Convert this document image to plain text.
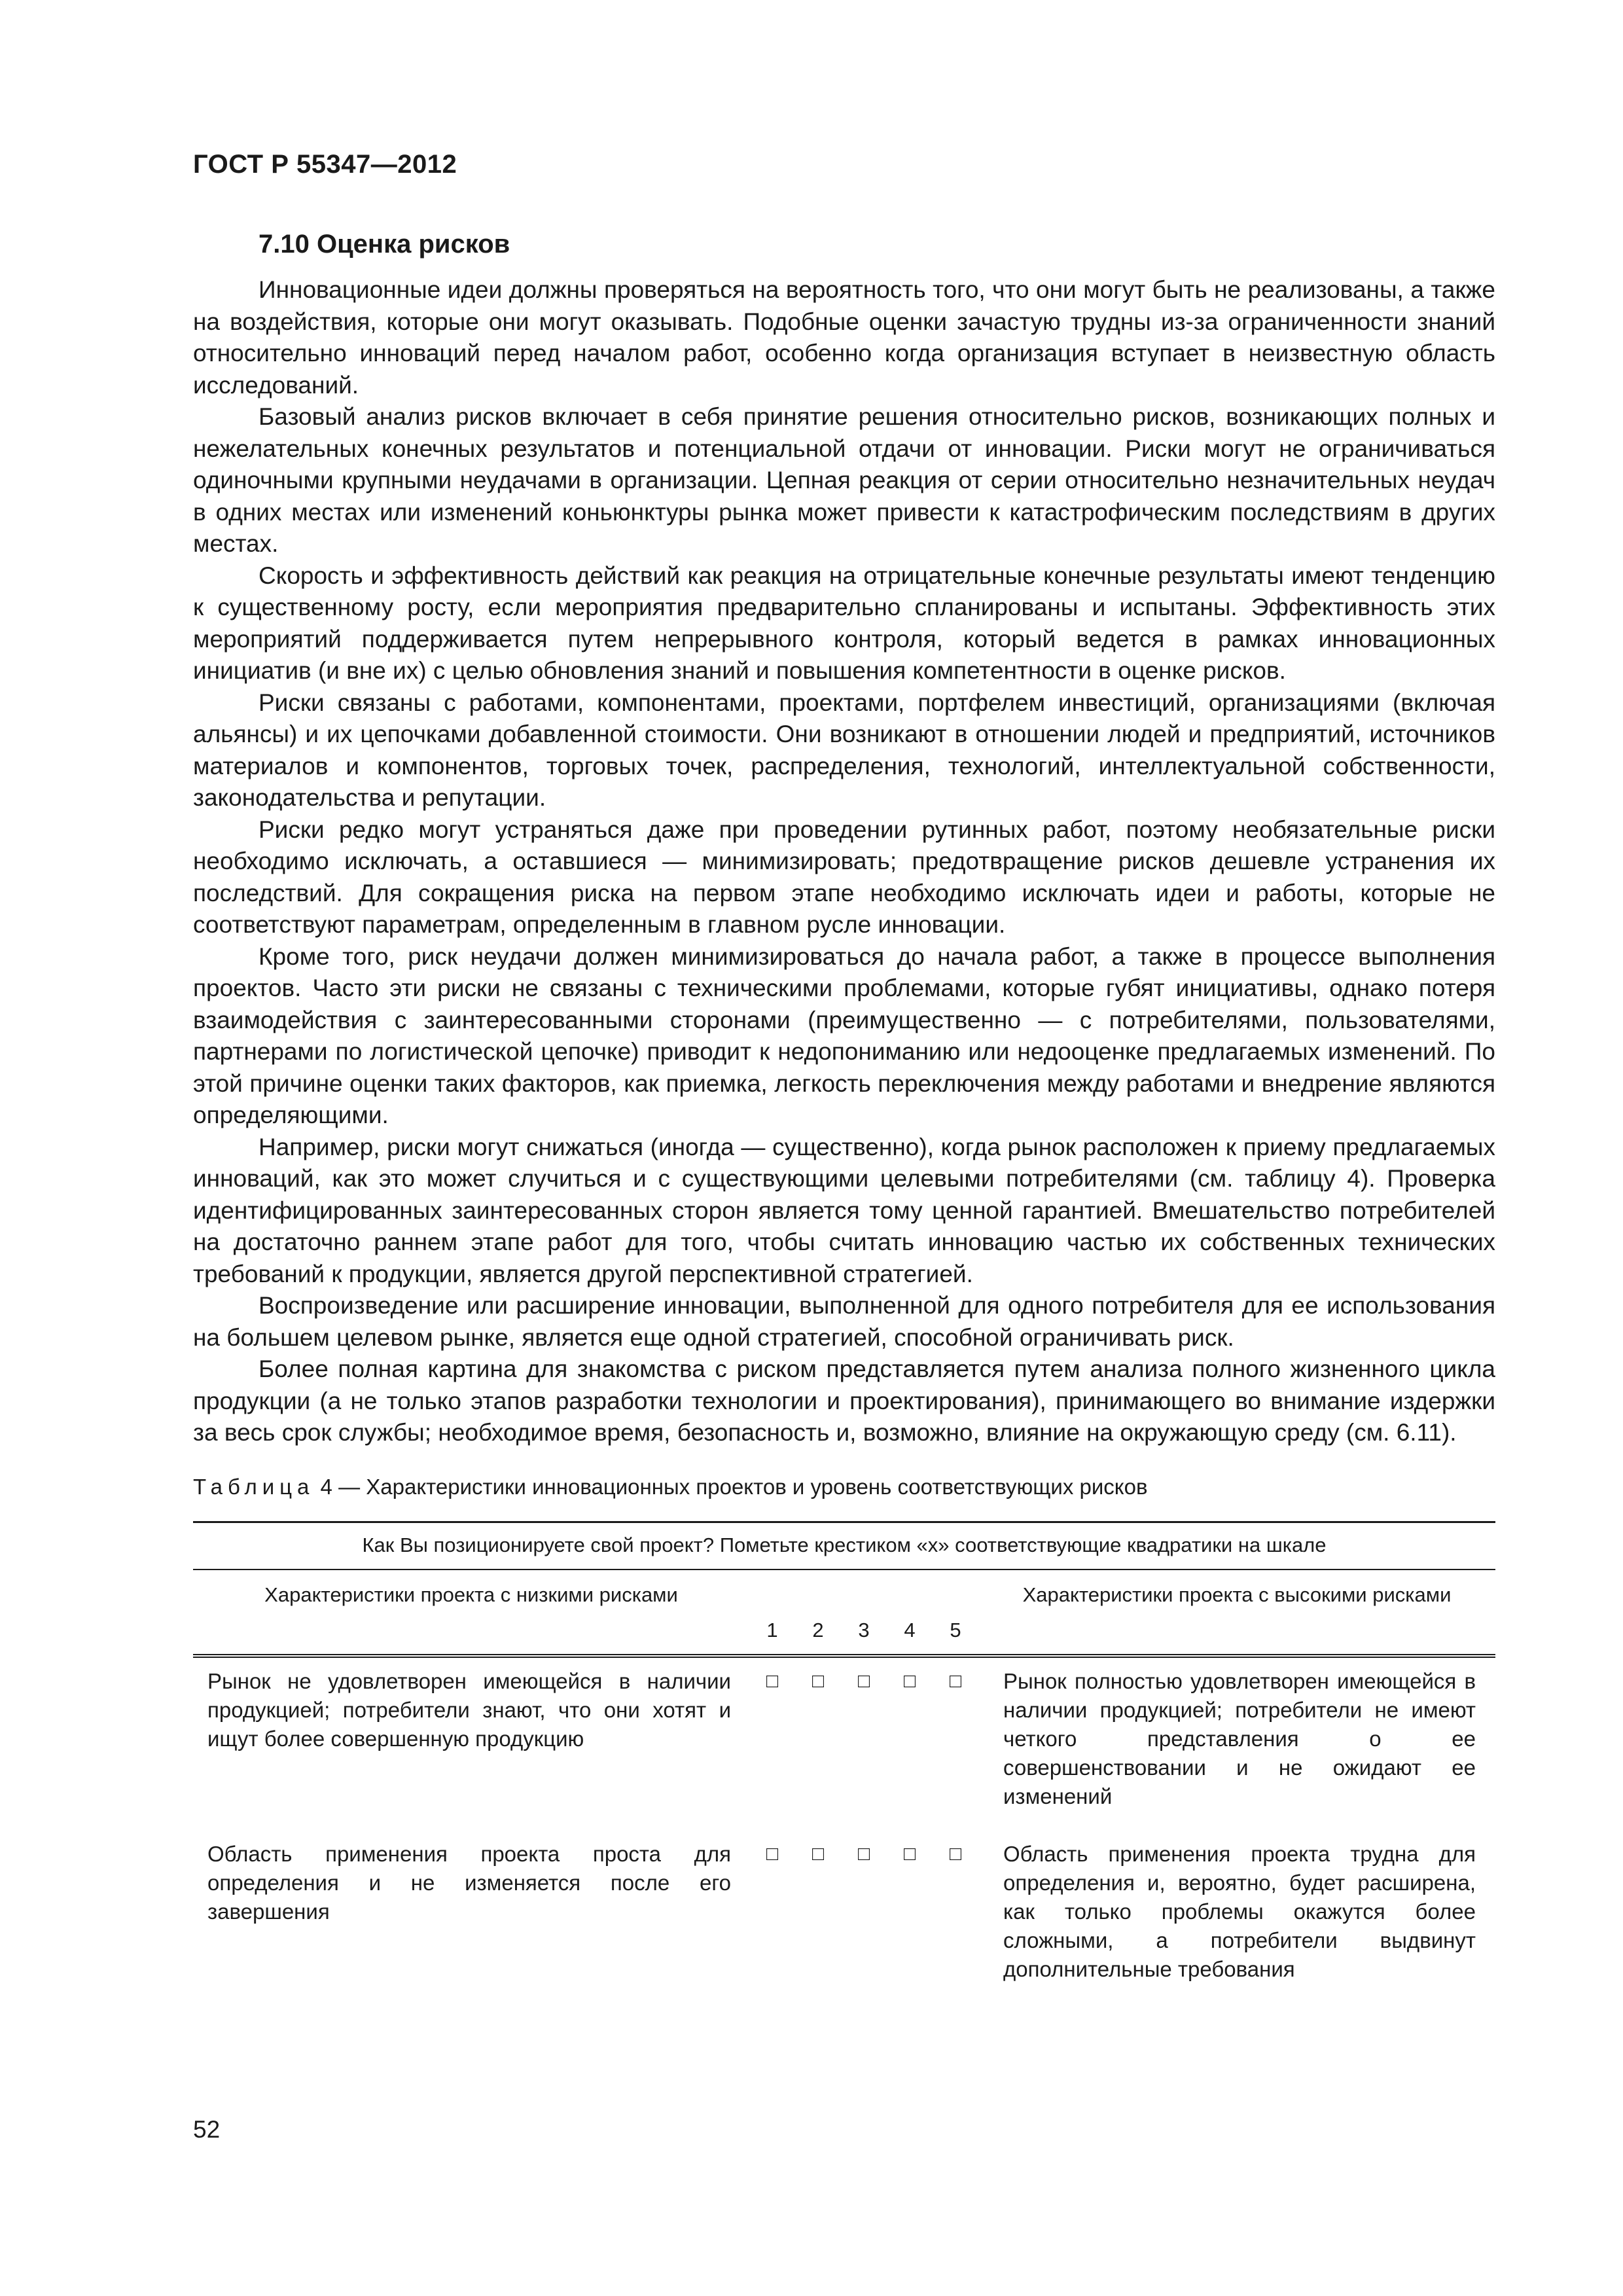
ГОСТ Р 55347—2012
7.10 Оценка рисков

Инновационные идеи должны проверяться на вероятность того, что они могут быть не реализованы, а также на воздействия, которые они могут оказывать. Подобные оценки зачастую трудны из-за ограниченности знаний относительно инноваций перед началом работ, особенно когда организация вступает в неизвестную область исследований.

Базовый анализ рисков включает в себя принятие решения относительно рисков, возникающих полных и нежелательных конечных результатов и потенциальной отдачи от инновации. Риски могут не ограничиваться одиночными крупными неудачами в организации. Цепная реакция от серии относительно незначительных неудач в одних местах или изменений коньюнктуры рынка может привести к катастрофическим последствиям в других местах.

Скорость и эффективность действий как реакция на отрицательные конечные результаты имеют тенденцию к существенному росту, если мероприятия предварительно спланированы и испытаны. Эффективность этих мероприятий поддерживается путем непрерывного контроля, который ведется в рамках инновационных инициатив (и вне их) с целью обновления знаний и повышения компетентности в оценке рисков.

Риски связаны с работами, компонентами, проектами, портфелем инвестиций, организациями (включая альянсы) и их цепочками добавленной стоимости. Они возникают в отношении людей и предприятий, источников материалов и компонентов, торговых точек, распределения, технологий, интеллектуальной собственности, законодательства и репутации.

Риски редко могут устраняться даже при проведении рутинных работ, поэтому необязательные риски необходимо исключать, а оставшиеся — минимизировать; предотвращение рисков дешевле устранения их последствий. Для сокращения риска на первом этапе необходимо исключать идеи и работы, которые не соответствуют параметрам, определенным в главном русле инновации.

Кроме того, риск неудачи должен минимизироваться до начала работ, а также в процессе выполнения проектов. Часто эти риски не связаны с техническими проблемами, которые губят инициативы, однако потеря взаимодействия с заинтересованными сторонами (преимущественно — с потребителями, пользователями, партнерами по логистической цепочке) приводит к недопониманию или недооценке предлагаемых изменений. По этой причине оценки таких факторов, как приемка, легкость переключения между работами и внедрение являются определяющими.

Например, риски могут снижаться (иногда — существенно), когда рынок расположен к приему предлагаемых инноваций, как это может случиться и с существующими целевыми потребителями (см. таблицу 4). Проверка идентифицированных заинтересованных сторон является тому ценной гарантией. Вмешательство потребителей на достаточно раннем этапе работ для того, чтобы считать инновацию частью их собственных технических требований к продукции, является другой перспективной стратегией.

Воспроизведение или расширение инновации, выполненной для одного потребителя для ее использования на большем целевом рынке, является еще одной стратегией, способной ограничивать риск.

Более полная картина для знакомства с риском представляется путем анализа полного жизненного цикла продукции (а не только этапов разработки технологии и проектирования), принимающего во внимание издержки за весь срок службы; необходимое время, безопасность и, возможно, влияние на окружающую среду (см. 6.11).

Таблица 4 — Характеристики инновационных проектов и уровень соответствующих рисков
Как Вы позиционируете свой проект? Пометьте крестиком «х» соответствующие квадратики на шкале						
Характеристики проекта с низкими рисками						Характеристики проекта с высокими рисками
	1	2	3	4	5	
Рынок не удовлетворен имеющейся в наличии продукцией; потребители знают, что они хотят и ищут более совершенную продукцию	□	□	□	□	□	Рынок полностью удовлетворен имеющейся в наличии продукцией; потребители не имеют четкого представления о ее совершенствовании и не ожидают ее изменений
Область применения проекта проста для определения и не изменяется после его завершения	□	□	□	□	□	Область применения проекта трудна для определения и, вероятно, будет расширена, как только проблемы окажутся более сложными, а потребители выдвинут дополнительные требования
52
